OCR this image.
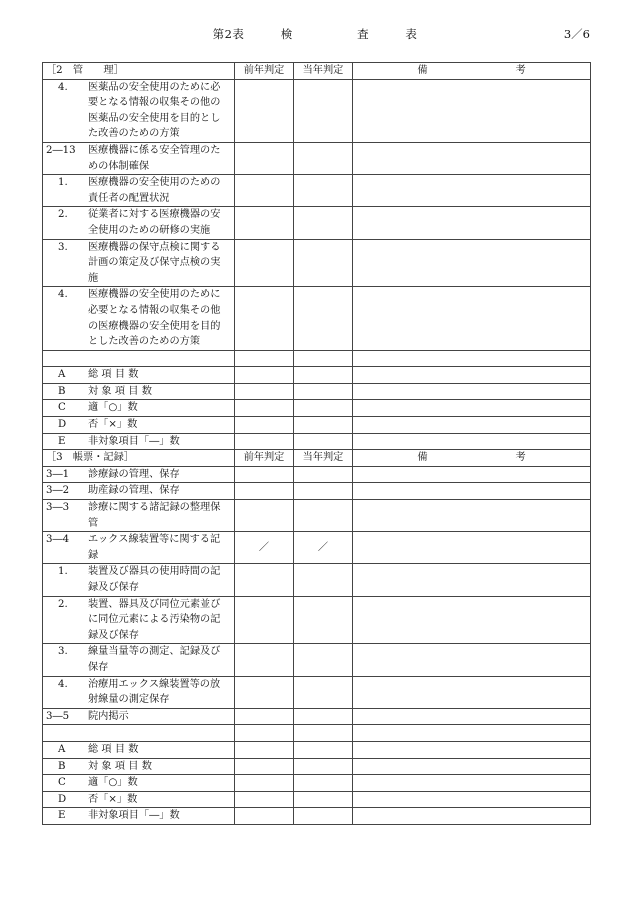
第2表	検	査	表	3／6
［2　管　　理］	前年判定	当年判定	備 考

4. 医薬品の安全使用のために必要となる情報の収集その他の医薬品の安全使用を目的とした改善のための方策			
2―13 医療機器に係る安全管理のための体制確保			
1. 医療機器の安全使用のための責任者の配置状況			
2. 従業者に対する医療機器の安全使用のための研修の実施			
3. 医療機器の保守点検に関する計画の策定及び保守点検の実施			
4. 医療機器の安全使用のために必要となる情報の収集その他の医療機器の安全使用を目的とした改善のための方策			

A 総 項 目 数			
B 対 象 項 目 数			
C 適「○」数			
D 否「×」数			
E 非対象項目「―」数			
［3　帳票・記録］	前年判定	当年判定	備 考

3―1 診療録の管理、保存			
3―2 助産録の管理、保存			
3―3 診療に関する諸記録の整理保管			
3―4 エックス線装置等に関する記録	／	／	
1. 装置及び器具の使用時間の記録及び保存			
2. 装置、器具及び同位元素並びに同位元素による汚染物の記録及び保存			
3. 線量当量等の測定、記録及び保存			
4. 治療用エックス線装置等の放射線量の測定保存			
3―5 院内掲示			

A 総 項 目 数			
B 対 象 項 目 数			
C 適「○」数			
D 否「×」数			
E 非対象項目「―」数			
